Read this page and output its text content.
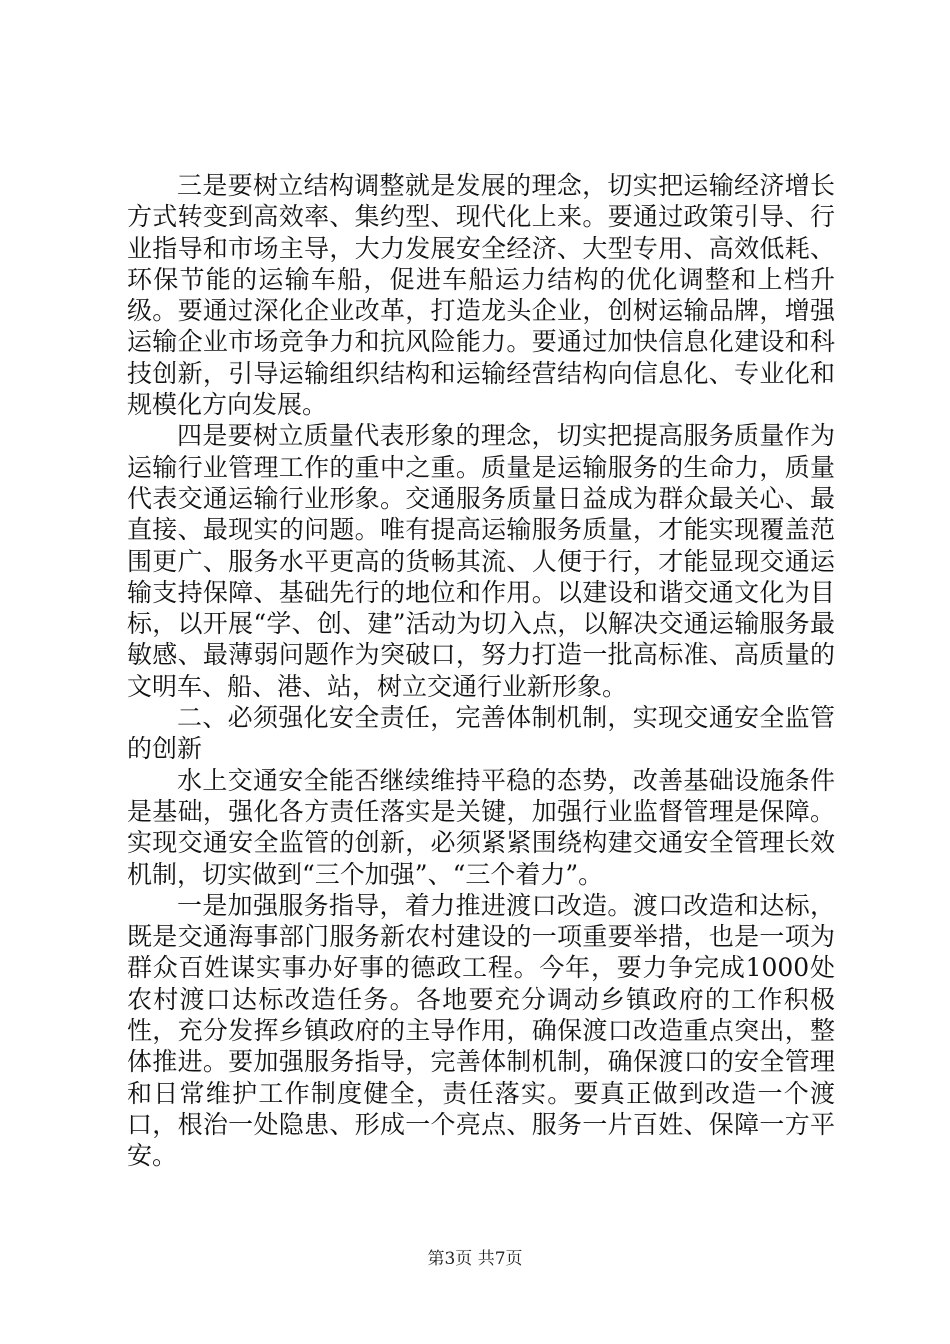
三是要树立结构调整就是发展的理念，切实把运输经济增长方式转变到高效率、集约型、现代化上来。要通过政策引导、行业指导和市场主导，大力发展安全经济、大型专用、高效低耗、环保节能的运输车船，促进车船运力结构的优化调整和上档升级。要通过深化企业改革，打造龙头企业，创树运输品牌，增强运输企业市场竞争力和抗风险能力。要通过加快信息化建设和科技创新，引导运输组织结构和运输经营结构向信息化、专业化和规模化方向发展。

四是要树立质量代表形象的理念，切实把提高服务质量作为运输行业管理工作的重中之重。质量是运输服务的生命力，质量代表交通运输行业形象。交通服务质量日益成为群众最关心、最直接、最现实的问题。唯有提高运输服务质量，才能实现覆盖范围更广、服务水平更高的货畅其流、人便于行，才能显现交通运输支持保障、基础先行的地位和作用。以建设和谐交通文化为目标，以开展“学、创、建”活动为切入点，以解决交通运输服务最敏感、最薄弱问题作为突破口，努力打造一批高标准、高质量的文明车、船、港、站，树立交通行业新形象。

二、必须强化安全责任，完善体制机制，实现交通安全监管的创新

水上交通安全能否继续维持平稳的态势，改善基础设施条件是基础，强化各方责任落实是关键，加强行业监督管理是保障。实现交通安全监管的创新，必须紧紧围绕构建交通安全管理长效机制，切实做到“三个加强”、“三个着力”。

一是加强服务指导，着力推进渡口改造。渡口改造和达标，既是交通海事部门服务新农村建设的一项重要举措，也是一项为群众百姓谋实事办好事的德政工程。今年，要力争完成1000处农村渡口达标改造任务。各地要充分调动乡镇政府的工作积极性，充分发挥乡镇政府的主导作用，确保渡口改造重点突出，整体推进。要加强服务指导，完善体制机制，确保渡口的安全管理和日常维护工作制度健全，责任落实。要真正做到改造一个渡口，根治一处隐患、形成一个亮点、服务一片百姓、保障一方平安。

第3页 共7页
